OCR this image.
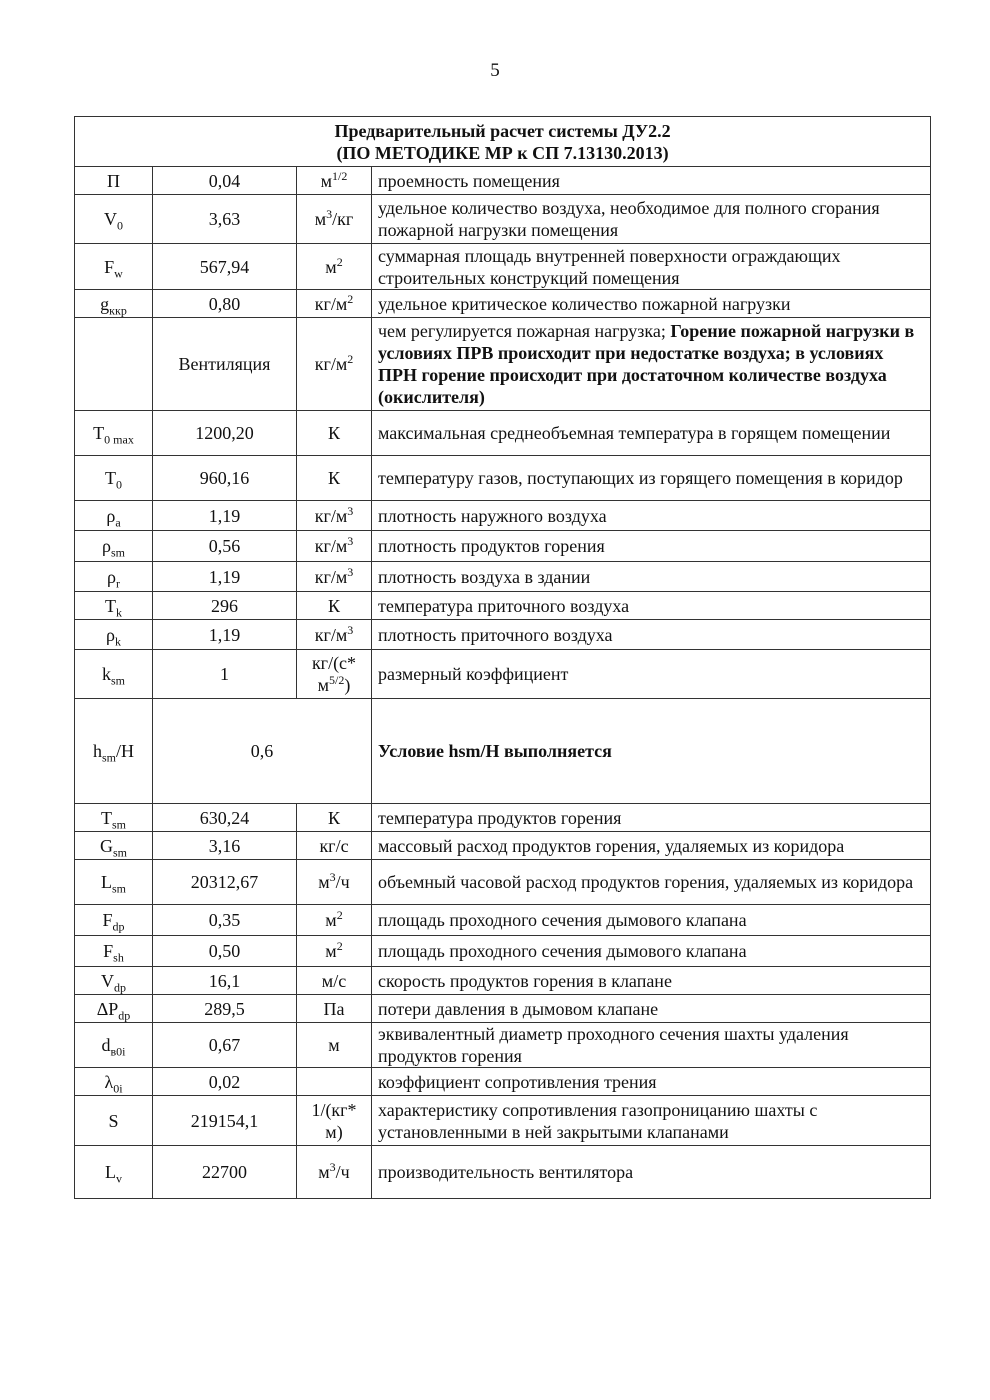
5
Предварительный расчет системы ДУ2.2
(ПО МЕТОДИКЕ МР к СП 7.13130.2013)			

П	0,04	$м^{1/2}$	проемность помещения
$V_0$	3,63	$м^3/кг$	удельное количество воздуха, необходимое для полного сгорания пожарной нагрузки помещения
$F_w$	567,94	$м^2$	суммарная площадь внутренней поверхности ограждающих строительных конструкций помещения
$g_{ккр}$	0,80	$кг/м^2$	удельное критическое количество пожарной нагрузки
	Вентиляция	$кг/м^2$	чем регулируется пожарная нагрузка; Горение пожарной нагрузки в условиях ПРВ происходит при недостатке воздуха; в условиях ПРН горение происходит при достаточном количестве воздуха (окислителя)
$T_{0 max}$	1200,20	К	максимальная среднеобъемная температура в горящем помещении
$T_0$	960,16	К	температуру газов, поступающих из горящего помещения в коридор
$\rho_a$	1,19	$кг/м^3$	плотность наружного воздуха
$\rho_{sm}$	0,56	$кг/м^3$	плотность продуктов горения
$\rho_r$	1,19	$кг/м^3$	плотность воздуха в здании
$T_k$	296	К	температура приточного воздуха
$\rho_k$	1,19	$кг/м^3$	плотность приточного воздуха
$k_{sm}$	1	кг/(с* $м^{5/2}$)	размерный коэффициент
$h_{sm}/H$	0,6		Условие hsm/H выполняется
$T_{sm}$	630,24	К	температура продуктов горения
$G_{sm}$	3,16	кг/с	массовый расход продуктов горения, удаляемых из коридора
$L_{sm}$	20312,67	$м^3/ч$	объемный часовой расход продуктов горения, удаляемых из коридора
$F_{dp}$	0,35	$м^2$	площадь проходного сечения дымового клапана
$F_{sh}$	0,50	$м^2$	площадь проходного сечения дымового клапана
$V_{dp}$	16,1	м/с	скорость продуктов горения в клапане
$\Delta P_{dp}$	289,5	Па	потери давления в дымовом клапане
$d_{в0i}$	0,67	м	эквивалентный диаметр проходного сечения шахты удаления продуктов горения
$\lambda_{0i}$	0,02		коэффициент сопротивления трения
S	219154,1	1/(кг* м)	характеристику сопротивления газопроницанию шахты с установленными в ней закрытыми клапанами
$L_v$	22700	$м^3/ч$	производительность вентилятора
